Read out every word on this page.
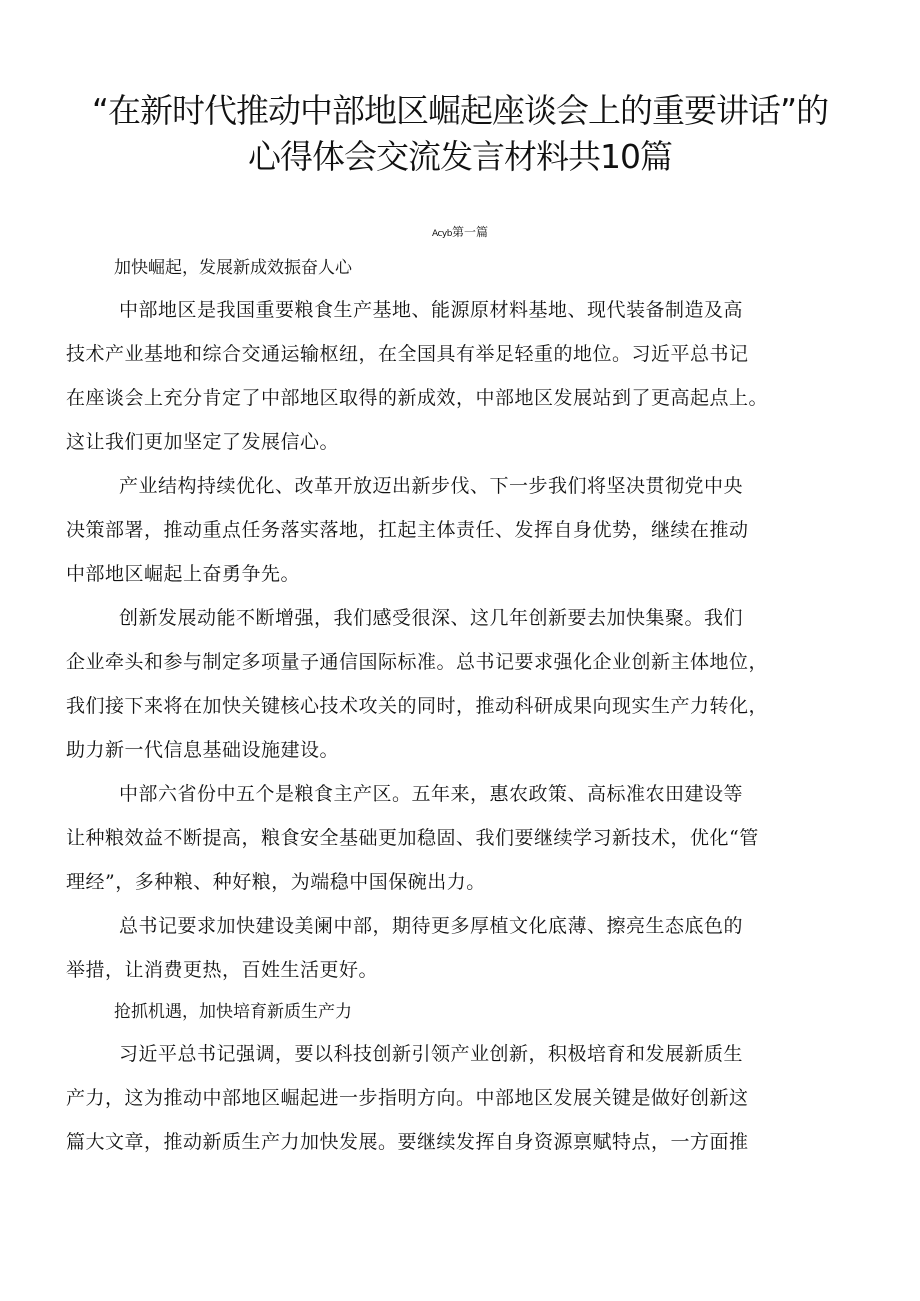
“在新时代推动中部地区崛起座谈会上的重要讲话”的
心得体会交流发言材料共10篇
Acyb第一篇
加快崛起，发展新成效振奋人心
中部地区是我国重要粮食生产基地、能源原材料基地、现代装备制造及高
技术产业基地和综合交通运输枢纽，在全国具有举足轻重的地位。习近平总书记
在座谈会上充分肯定了中部地区取得的新成效，中部地区发展站到了更高起点上。
这让我们更加坚定了发展信心。
产业结构持续优化、改革开放迈出新步伐、下一步我们将坚决贯彻党中央
决策部署，推动重点任务落实落地，扛起主体责任、发挥自身优势，继续在推动
中部地区崛起上奋勇争先。
创新发展动能不断增强，我们感受很深、这几年创新要去加快集聚。我们
企业牵头和参与制定多项量子通信国际标准。总书记要求强化企业创新主体地位，
我们接下来将在加快关键核心技术攻关的同时，推动科研成果向现实生产力转化，
助力新一代信息基础设施建设。
中部六省份中五个是粮食主产区。五年来，惠农政策、高标准农田建设等
让种粮效益不断提高，粮食安全基础更加稳固、我们要继续学习新技术，优化“管
理经”，多种粮、种好粮，为端稳中国保碗出力。
总书记要求加快建设美阑中部，期待更多厚植文化底薄、擦亮生态底色的
举措，让消费更热，百姓生活更好。
抢抓机遇，加快培育新质生产力
习近平总书记强调，要以科技创新引领产业创新，积极培育和发展新质生
产力，这为推动中部地区崛起进一步指明方向。中部地区发展关键是做好创新这
篇大文章，推动新质生产力加快发展。要继续发挥自身资源禀赋特点，一方面推
